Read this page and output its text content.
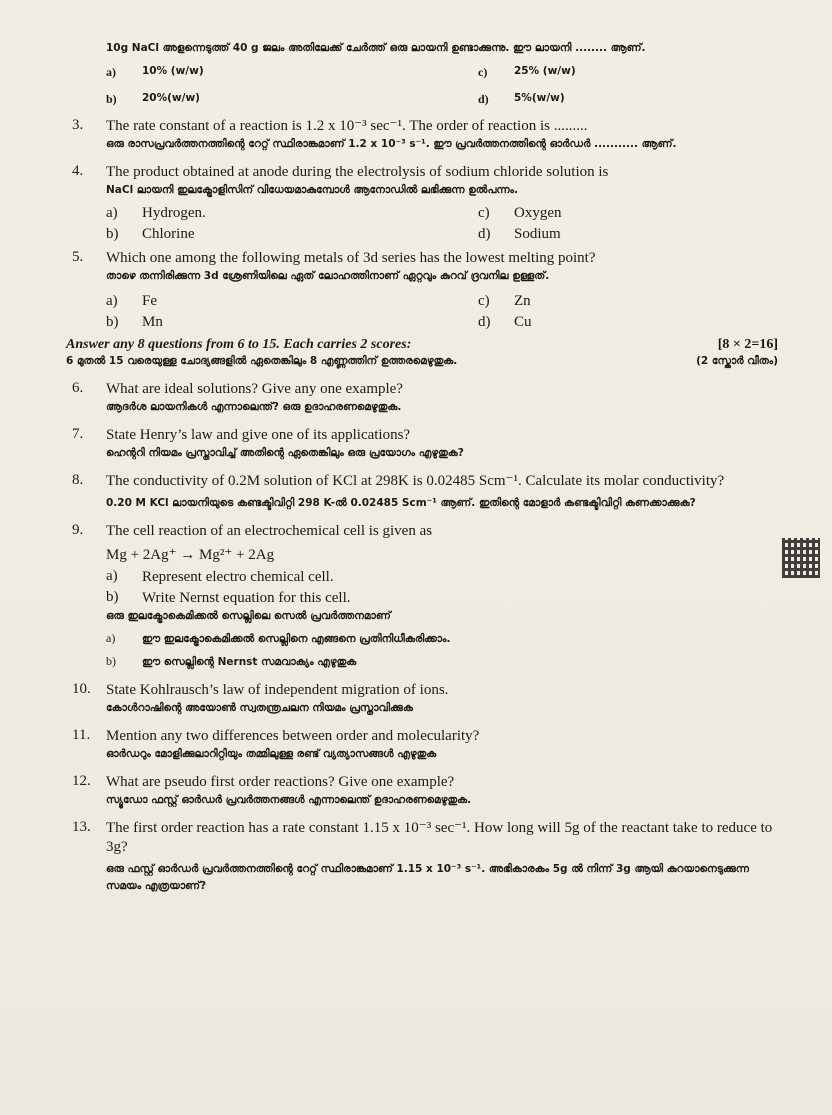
10g NaCl അളന്നെടുത്ത് 40 g ജലം അതിലേക്ക് ചേർത്ത് ഒരു ലായനി ഉണ്ടാക്കുന്നു. ഈ ലായനി ........ ആണ്.
a)	10% (w/w)	c)	25% (w/w)
b)	20%(w/w)	d)	5%(w/w)
3. The rate constant of a reaction is 1.2 x 10⁻³ sec⁻¹. The order of reaction is .........
ഒരു രാസപ്രവർത്തനത്തിന്റെ റേറ്റ് സ്ഥിരാങ്കമാണ് 1.2 x 10⁻³ s⁻¹. ഈ പ്രവർത്തനത്തിന്റെ ഓർഡർ ........... ആണ്.
4. The product obtained at anode during the electrolysis of sodium chloride solution is
NaCl ലായനി ഇലക്ട്രോളിസിന് വിധേയമാകുമ്പോൾ ആനോഡിൽ ലഭിക്കുന്ന ഉൽപന്നം.
a)	Hydrogen.	c)	Oxygen
b)	Chlorine	d)	Sodium
5. Which one among the following metals of 3d series has the lowest melting point?
താഴെ തന്നിരിക്കുന്ന 3d ശ്രേണിയിലെ ഏത് ലോഹത്തിനാണ് ഏറ്റവും കുറവ് ദ്രവനില ഉള്ളത്.
a)	Fe	c)	Zn
b)	Mn	d)	Cu
Answer any 8 questions from 6 to 15. Each carries 2 scores:	[8 × 2=16]
6 മുതൽ 15 വരെയുള്ള ചോദ്യങ്ങളിൽ ഏതെങ്കിലും 8 എണ്ണത്തിന് ഉത്തരമെഴുതുക.	(2 സ്കോർ വീതം)
6. What are ideal solutions? Give any one example?
ആദർശ ലായനികൾ എന്നാലെന്ത്? ഒരു ഉദാഹരണമെഴുതുക.
7. State Henry’s law and give one of its applications?
ഹെന്ററി നിയമം പ്രസ്താവിച്ച് അതിന്റെ ഏതെങ്കിലും ഒരു പ്രയോഗം എഴുതുക?
8. The conductivity of 0.2M solution of KCl at 298K is 0.02485 Scm⁻¹. Calculate its molar conductivity?
0.20 M KCl ലായനിയുടെ കണ്ടക്ടിവിറ്റി 298 K-ൽ 0.02485 Scm⁻¹ ആണ്. ഇതിന്റെ മോളാർ കണ്ടക്ടിവിറ്റി കണക്കാക്കുക?
9. The cell reaction of an electrochemical cell is given as
Mg + 2Ag⁺ → Mg²⁺ + 2Ag
a)	Represent electro chemical cell.
b)	Write Nernst equation for this cell.
ഒരു ഇലക്ട്രോകെമിക്കൽ സെല്ലിലെ സെൽ പ്രവർത്തനമാണ്
a)	ഈ ഇലക്ട്രോകെമിക്കൽ സെല്ലിനെ എങ്ങനെ പ്രതിനിധീകരിക്കാം.
b)	ഈ സെല്ലിന്റെ Nernst സമവാക്യം എഴുതുക
10. State Kohlrausch’s law of independent migration of ions.
കോൾറാഷിന്റെ അയോൺ സ്വതന്ത്രചലന നിയമം പ്രസ്താവിക്കുക
11. Mention any two differences between order and molecularity?
ഓർഡറും മോളിക്കുലാറിറ്റിയും തമ്മിലുള്ള രണ്ട് വ്യത്യാസങ്ങൾ എഴുതുക
12. What are pseudo first order reactions? Give one example?
സ്യൂഡോ ഫസ്റ്റ് ഓർഡർ പ്രവർത്തനങ്ങൾ എന്നാലെന്ത് ഉദാഹരണമെഴുതുക.
13. The first order reaction has a rate constant 1.15 x 10⁻³ sec⁻¹. How long will 5g of the reactant take to reduce to 3g?
ഒരു ഫസ്റ്റ് ഓർഡർ പ്രവർത്തനത്തിന്റെ റേറ്റ് സ്ഥിരാങ്കമാണ് 1.15 x 10⁻³ s⁻¹. അഭികാരകം 5g ൽ നിന്ന് 3g ആയി കുറയാനെടുക്കുന്ന സമയം എത്രയാണ്?
